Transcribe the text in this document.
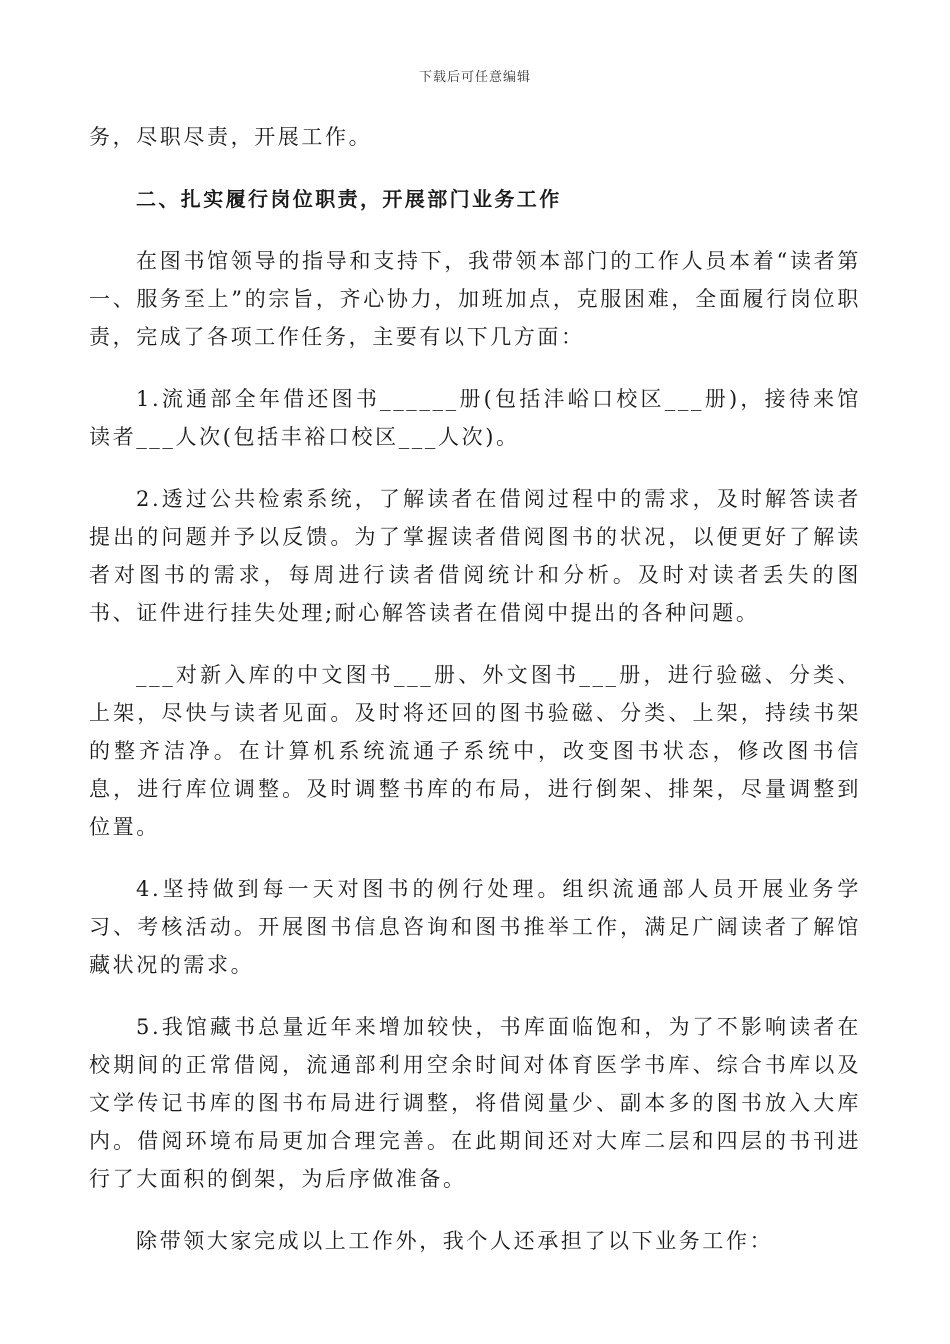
下载后可任意编辑

务，尽职尽责，开展工作。

二、扎实履行岗位职责，开展部门业务工作

在图书馆领导的指导和支持下，我带领本部门的工作人员本着“读者第一、服务至上”的宗旨，齐心协力，加班加点，克服困难，全面履行岗位职责，完成了各项工作任务，主要有以下几方面：

1.流通部全年借还图书______册(包括沣峪口校区___册)，接待来馆读者___人次(包括丰裕口校区___人次)。

2.透过公共检索系统，了解读者在借阅过程中的需求，及时解答读者提出的问题并予以反馈。为了掌握读者借阅图书的状况，以便更好了解读者对图书的需求，每周进行读者借阅统计和分析。及时对读者丢失的图书、证件进行挂失处理;耐心解答读者在借阅中提出的各种问题。

___对新入库的中文图书___册、外文图书___册，进行验磁、分类、上架，尽快与读者见面。及时将还回的图书验磁、分类、上架，持续书架的整齐洁净。在计算机系统流通子系统中，改变图书状态，修改图书信息，进行库位调整。及时调整书库的布局，进行倒架、排架，尽量调整到位置。

4.坚持做到每一天对图书的例行处理。组织流通部人员开展业务学习、考核活动。开展图书信息咨询和图书推举工作，满足广阔读者了解馆藏状况的需求。

5.我馆藏书总量近年来增加较快，书库面临饱和，为了不影响读者在校期间的正常借阅，流通部利用空余时间对体育医学书库、综合书库以及文学传记书库的图书布局进行调整，将借阅量少、副本多的图书放入大库内。借阅环境布局更加合理完善。在此期间还对大库二层和四层的书刊进行了大面积的倒架，为后序做准备。

除带领大家完成以上工作外，我个人还承担了以下业务工作：
